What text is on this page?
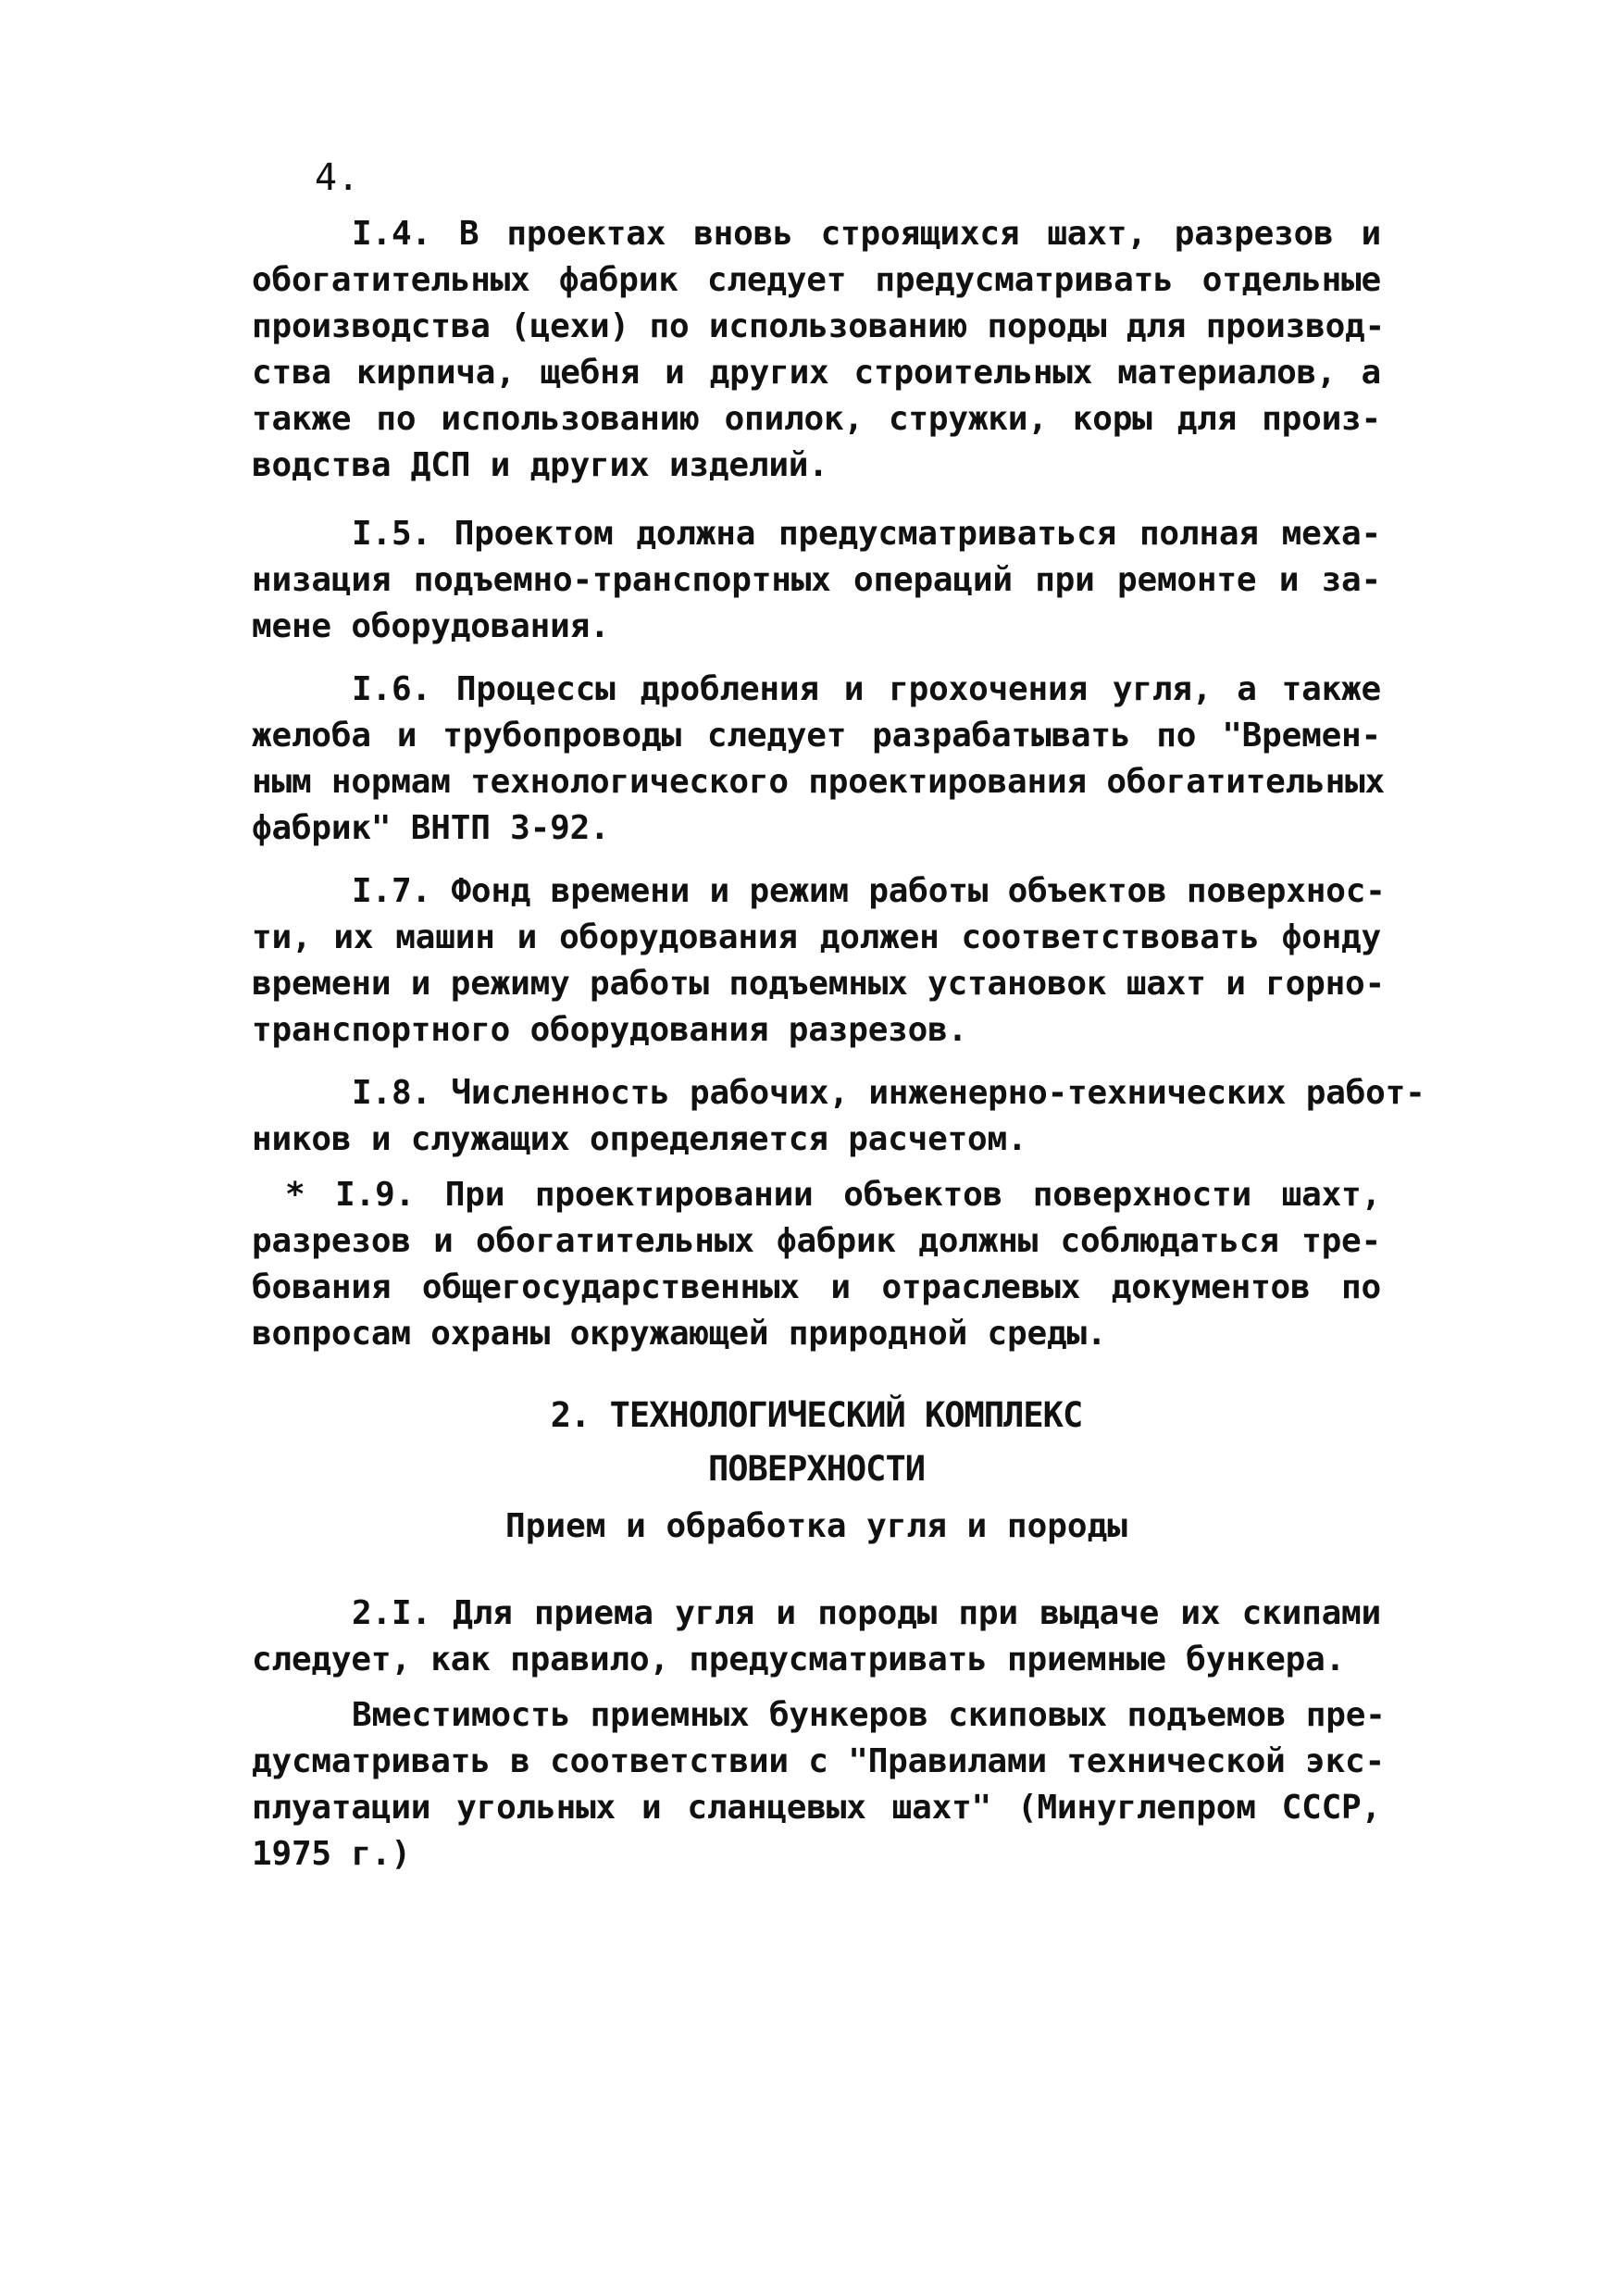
4.

I.4. В проектах вновь строящихся шахт, разрезов и
обогатительных фабрик следует предусматривать отдельные
производства (цехи) по использованию породы для производ-
ства кирпича, щебня и других строительных материалов, а
также по использованию опилок, стружки, коры для произ-
водства ДСП и других изделий.
I.5. Проектом должна предусматриваться полная меха-
низация подъемно-транспортных операций при ремонте и за-
мене оборудования.
I.6. Процессы дробления и грохочения угля, а также
желоба и трубопроводы следует разрабатывать по "Времен-
ным нормам технологического проектирования обогатительных
фабрик" ВНТП 3-92.
I.7. Фонд времени и режим работы объектов поверхнос-
ти, их машин и оборудования должен соответствовать фонду
времени и режиму работы подъемных установок шахт и горно-
транспортного оборудования разрезов.
I.8. Численность рабочих, инженерно-технических работ-
ников и служащих определяется расчетом.
* I.9. При проектировании объектов поверхности шахт,
разрезов и обогатительных фабрик должны соблюдаться тре-
бования общегосударственных и отраслевых документов по
вопросам охраны окружающей природной среды.
2. ТЕХНОЛОГИЧЕСКИЙ КОМПЛЕКС
ПОВЕРХНОСТИ

Прием и обработка угля и породы

2.I. Для приема угля и породы при выдаче их скипами
следует, как правило, предусматривать приемные бункера.
Вместимость приемных бункеров скиповых подъемов пре-
дусматривать в соответствии с "Правилами технической экс-
плуатации угольных и сланцевых шахт" (Минуглепром СССР,
1975 г.)
